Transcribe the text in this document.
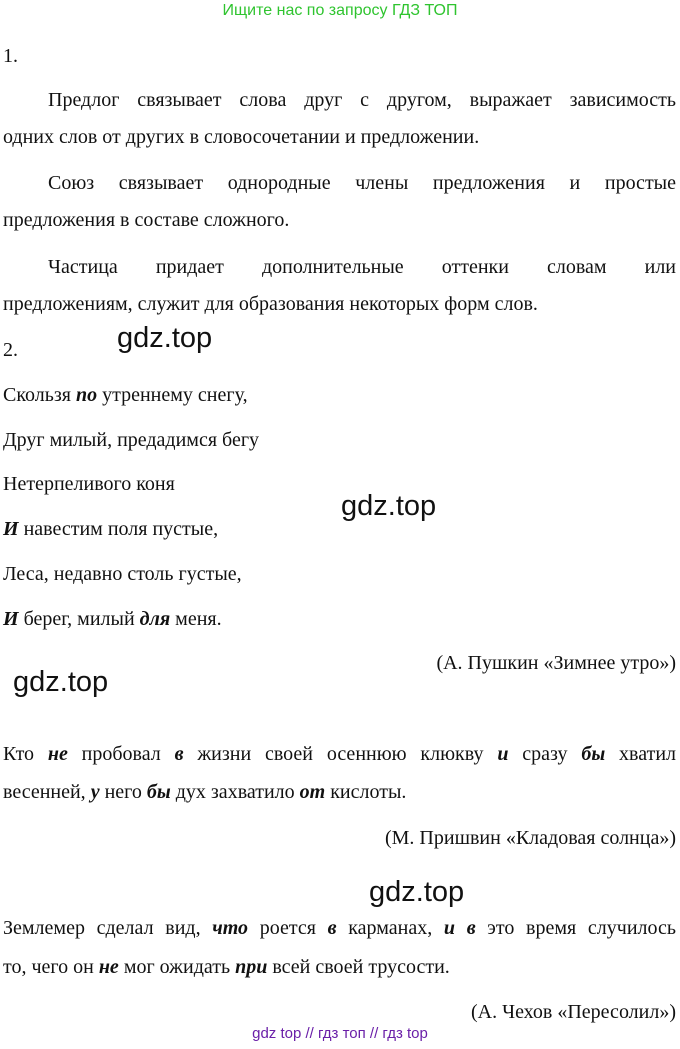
Ищите нас по запросу ГДЗ ТОП
1.
Предлог связывает слова друг с другом, выражает зависимость
одних слов от других в словосочетании и предложении.
Союз связывает однородные члены предложения и простые
предложения в составе сложного.
Частица придает дополнительные оттенки словам или
предложениям, служит для образования некоторых форм слов.
2.	gdz.top
Скользя по утреннему снегу,
Друг милый, предадимся бегу
Нетерпеливого коня
gdz.top
И навестим поля пустые,
Леса, недавно столь густые,
И берег, милый для меня.
(А. Пушкин «Зимнее утро»)
gdz.top
Кто не пробовал в жизни своей осеннюю клюкву и сразу бы хватил
весенней, у него бы дух захватило от кислоты.
(М. Пришвин «Кладовая солнца»)
gdz.top
Землемер сделал вид, что роется в карманах, и в это время случилось
то, чего он не мог ожидать при всей своей трусости.
(А. Чехов «Пересолил»)
gdz top // гдз топ // гдз top
